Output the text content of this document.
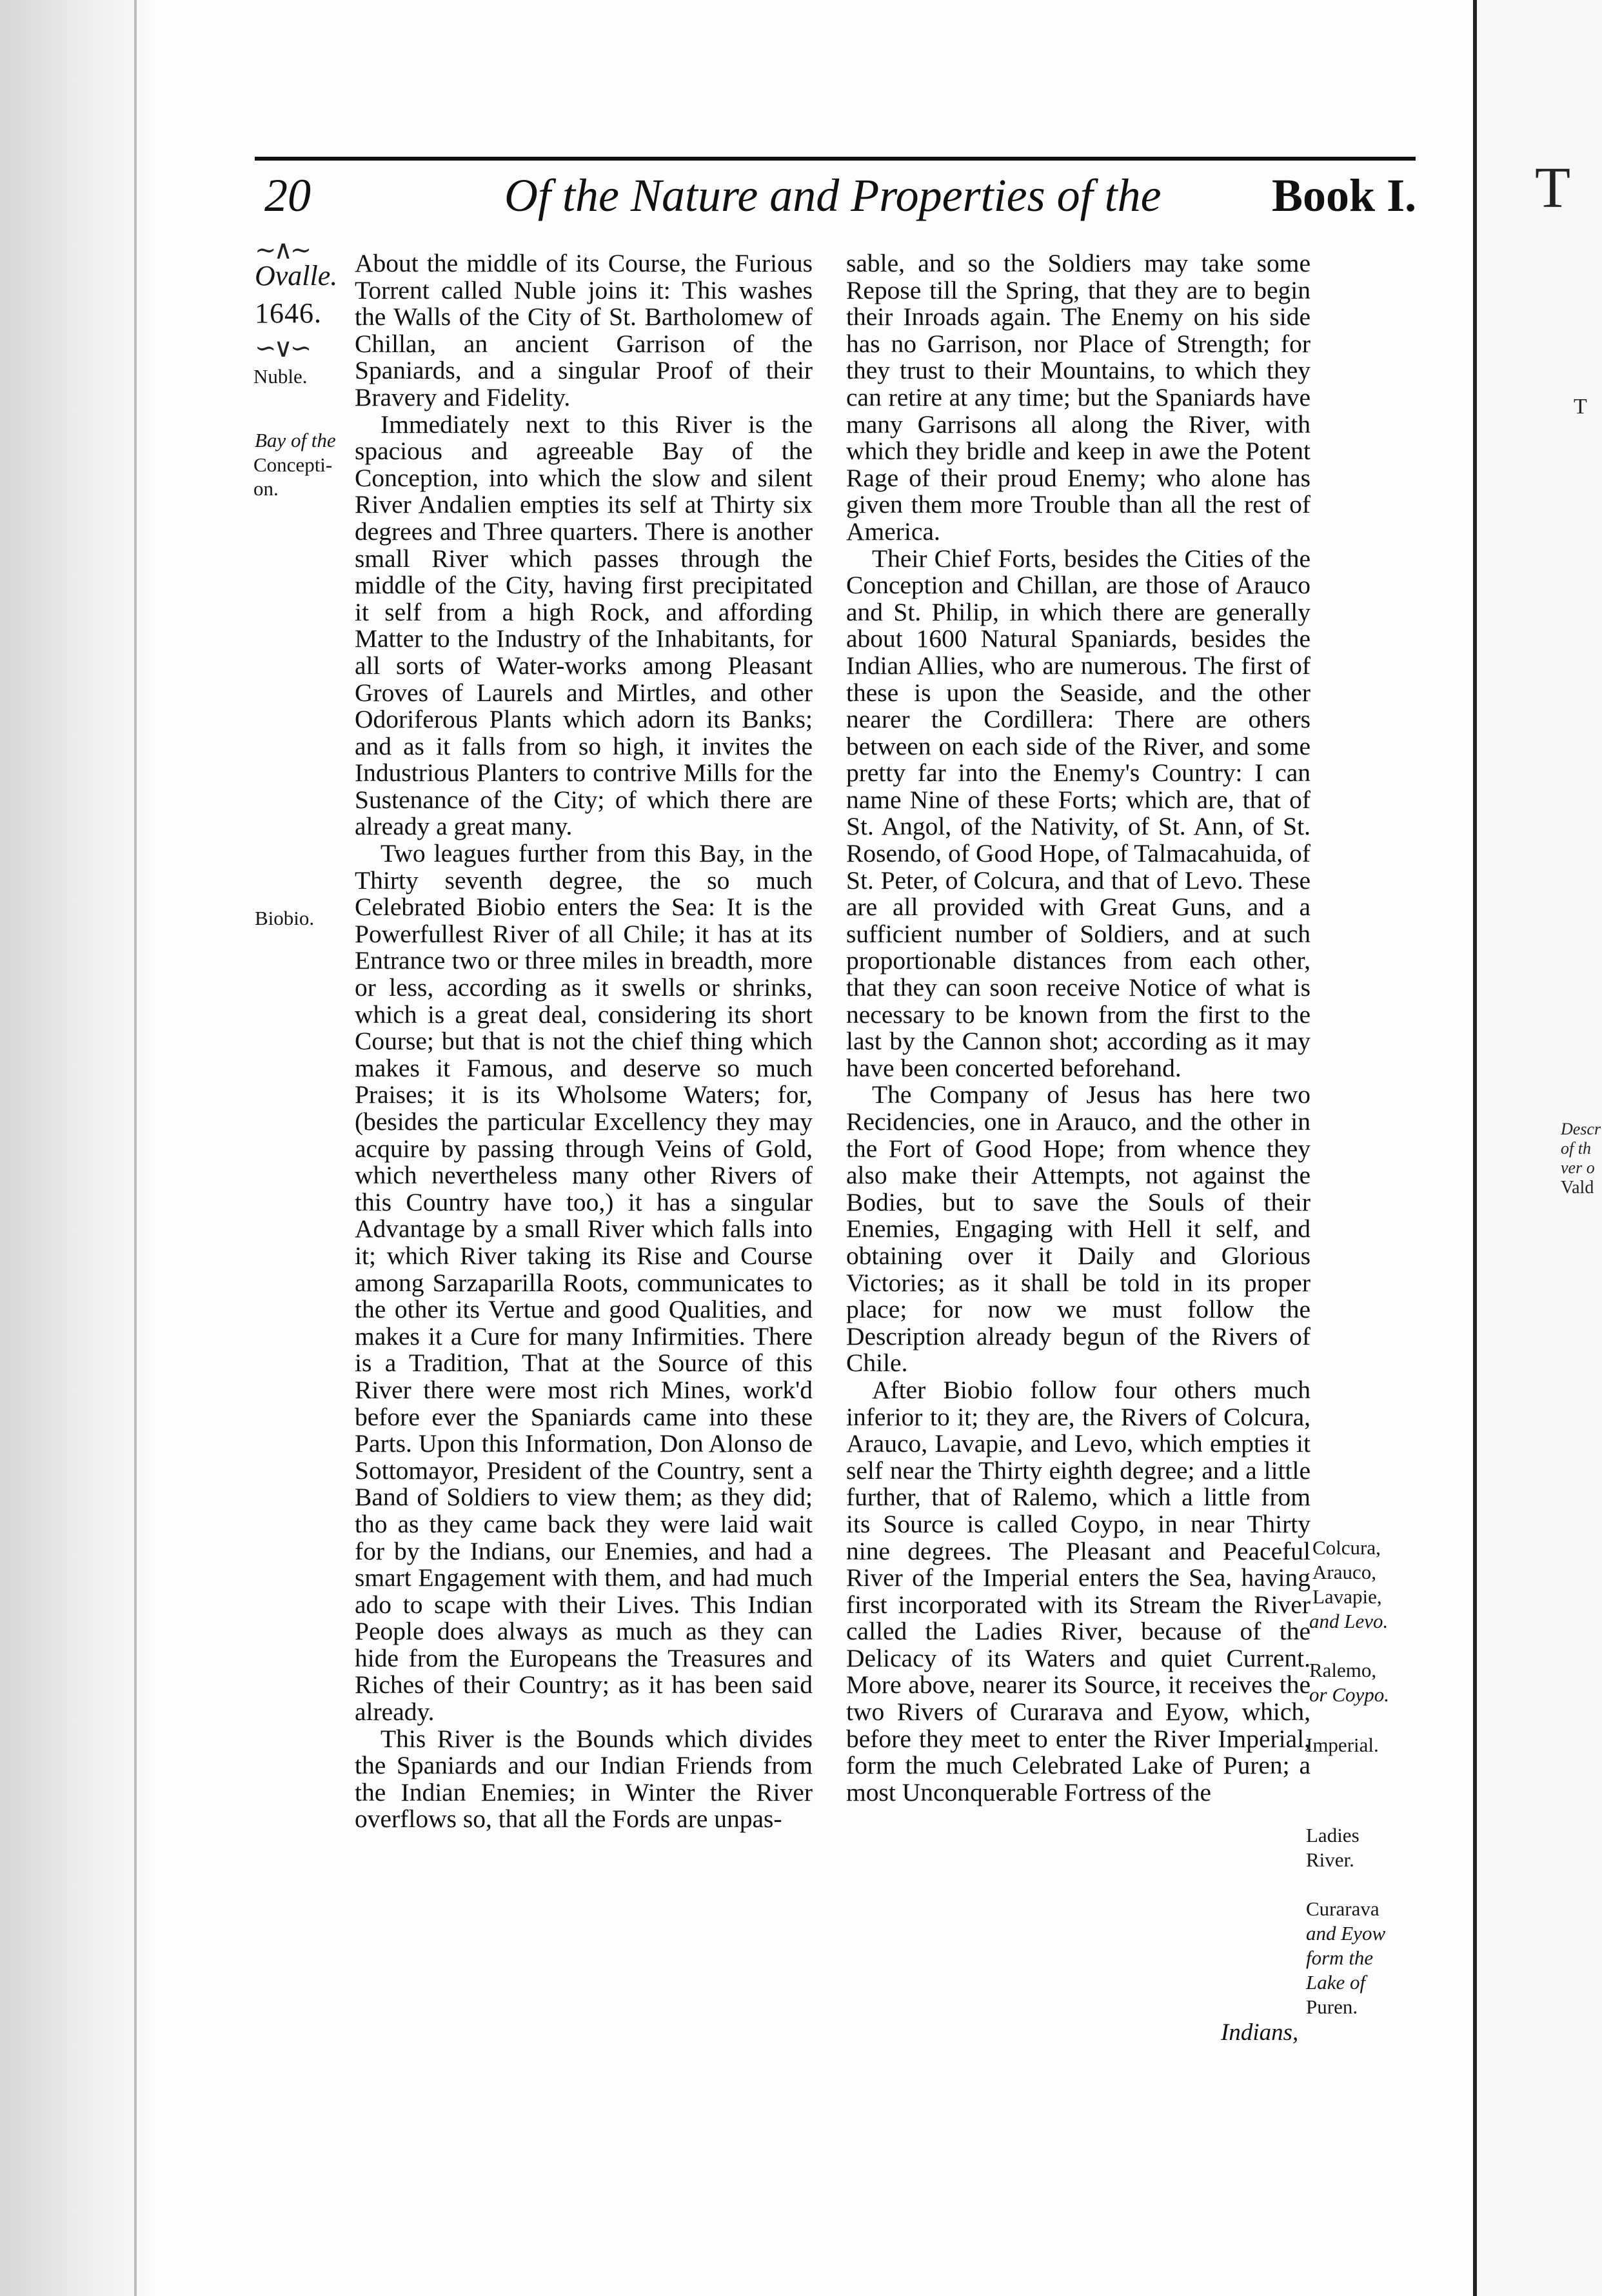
20	Of the Nature and Properties of the Book I.
∼∧∼
Ovalle.
1646.
∽∨∽
Nuble.
Bay of the
Concepti-
on.
Biobio.

About the middle of its Course, the Furious Torrent called Nuble joins it: This washes the Walls of the City of St. Bartholomew of Chillan, an ancient Garrison of the Spaniards, and a singular Proof of their Bravery and Fidelity.

Immediately next to this River is the spacious and agreeable Bay of the Conception, into which the slow and silent River Andalien empties its self at Thirty six degrees and Three quarters. There is another small River which passes through the middle of the City, having first precipitated it self from a high Rock, and affording Matter to the Industry of the Inhabitants, for all sorts of Water-works among Pleasant Groves of Laurels and Mirtles, and other Odoriferous Plants which adorn its Banks; and as it falls from so high, it invites the Industrious Planters to contrive Mills for the Sustenance of the City; of which there are already a great many.

Two leagues further from this Bay, in the Thirty seventh degree, the so much Celebrated Biobio enters the Sea: It is the Powerfullest River of all Chile; it has at its Entrance two or three miles in breadth, more or less, according as it swells or shrinks, which is a great deal, considering its short Course; but that is not the chief thing which makes it Famous, and deserve so much Praises; it is its Wholsome Waters; for, (besides the particular Excellency they may acquire by passing through Veins of Gold, which nevertheless many other Rivers of this Country have too,) it has a singular Advantage by a small River which falls into it; which River taking its Rise and Course among Sarzaparilla Roots, communicates to the other its Vertue and good Qualities, and makes it a Cure for many Infirmities. There is a Tradition, That at the Source of this River there were most rich Mines, work'd before ever the Spaniards came into these Parts. Upon this Information, Don Alonso de Sottomayor, President of the Country, sent a Band of Soldiers to view them; as they did; tho as they came back they were laid wait for by the Indians, our Enemies, and had a smart Engagement with them, and had much ado to scape with their Lives. This Indian People does always as much as they can hide from the Europeans the Treasures and Riches of their Country; as it has been said already.

This River is the Bounds which divides the Spaniards and our Indian Friends from the Indian Enemies; in Winter the River overflows so, that all the Fords are unpas-

sable, and so the Soldiers may take some Repose till the Spring, that they are to begin their Inroads again. The Enemy on his side has no Garrison, nor Place of Strength; for they trust to their Mountains, to which they can retire at any time; but the Spaniards have many Garrisons all along the River, with which they bridle and keep in awe the Potent Rage of their proud Enemy; who alone has given them more Trouble than all the rest of America.

Their Chief Forts, besides the Cities of the Conception and Chillan, are those of Arauco and St. Philip, in which there are generally about 1600 Natural Spaniards, besides the Indian Allies, who are numerous. The first of these is upon the Seaside, and the other nearer the Cordillera: There are others between on each side of the River, and some pretty far into the Enemy's Country: I can name Nine of these Forts; which are, that of St. Angol, of the Nativity, of St. Ann, of St. Rosendo, of Good Hope, of Talmacahuida, of St. Peter, of Colcura, and that of Levo. These are all provided with Great Guns, and a sufficient number of Soldiers, and at such proportionable distances from each other, that they can soon receive Notice of what is necessary to be known from the first to the last by the Cannon shot; according as it may have been concerted beforehand.

The Company of Jesus has here two Recidencies, one in Arauco, and the other in the Fort of Good Hope; from whence they also make their Attempts, not against the Bodies, but to save the Souls of their Enemies, Engaging with Hell it self, and obtaining over it Daily and Glorious Victories; as it shall be told in its proper place; for now we must follow the Description already begun of the Rivers of Chile.

After Biobio follow four others much inferior to it; they are, the Rivers of Colcura, Arauco, Lavapie, and Levo, which empties it self near the Thirty eighth degree; and a little further, that of Ralemo, which a little from its Source is called Coypo, in near Thirty nine degrees. The Pleasant and Peaceful River of the Imperial enters the Sea, having first incorporated with its Stream the River called the Ladies River, because of the Delicacy of its Waters and quiet Current. More above, nearer its Source, it receives the two Rivers of Curarava and Eyow, which, before they meet to enter the River Imperial, form the much Celebrated Lake of Puren; a most Unconquerable Fortress of the

Colcura,
Arauco,
Lavapie,
and Levo.
Ralemo,
or Coypo.
Imperial.
Ladies
River.
Curarava
and Eyow
form the
Lake of
Puren.
Indians,
T
T
Descr
of th
ver o
Vald
